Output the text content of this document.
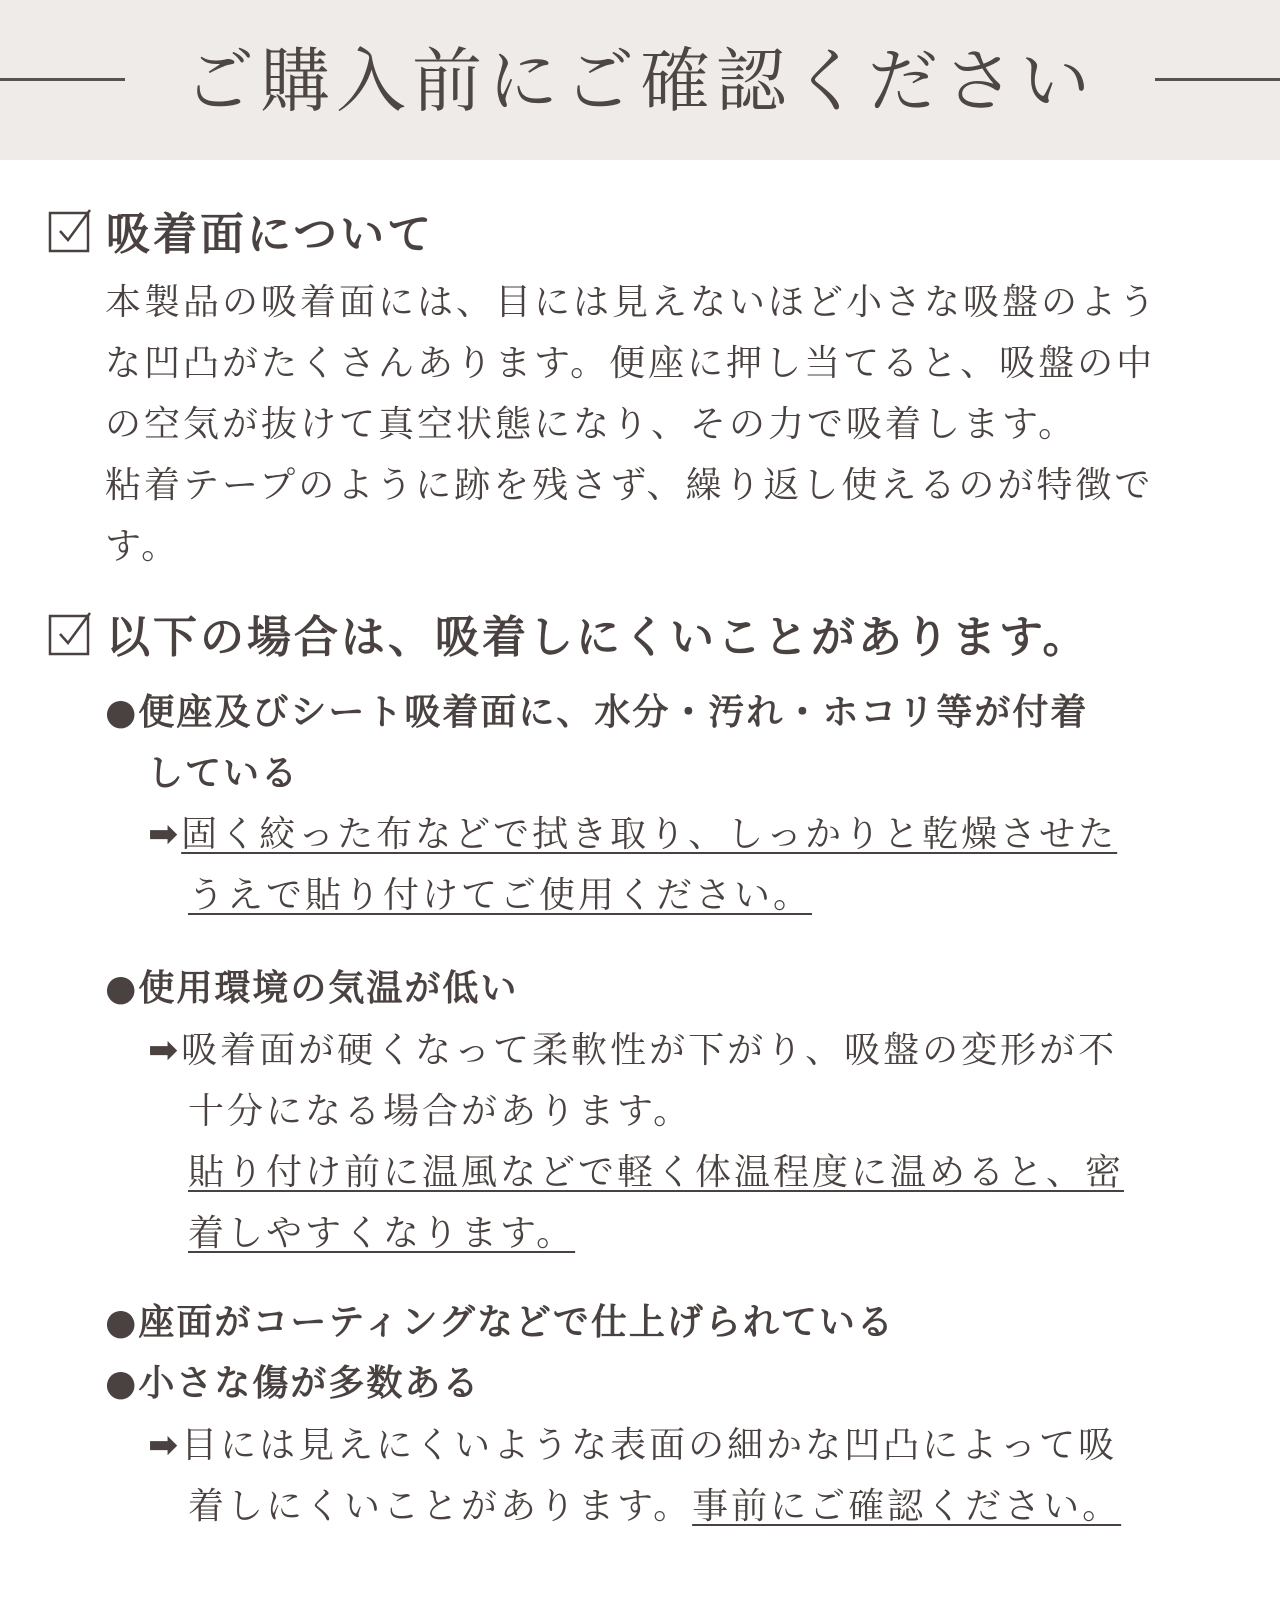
ご購入前にご確認ください
吸着面について
本製品の吸着面には、目には見えないほど小さな吸盤のよう
な凹凸がたくさんあります。便座に押し当てると、吸盤の中
の空気が抜けて真空状態になり、その力で吸着します。
粘着テープのように跡を残さず、繰り返し使えるのが特徴で
す。
以下の場合は、吸着しにくいことがあります。
●便座及びシート吸着面に、水分・汚れ・ホコリ等が付着
している
➡固く絞った布などで拭き取り、しっかりと乾燥させた
うえで貼り付けてご使用ください。
●使用環境の気温が低い
➡吸着面が硬くなって柔軟性が下がり、吸盤の変形が不
十分になる場合があります。
貼り付け前に温風などで軽く体温程度に温めると、密
着しやすくなります。
●座面がコーティングなどで仕上げられている
●小さな傷が多数ある
➡目には見えにくいような表面の細かな凹凸によって吸
着しにくいことがあります。事前にご確認ください。
